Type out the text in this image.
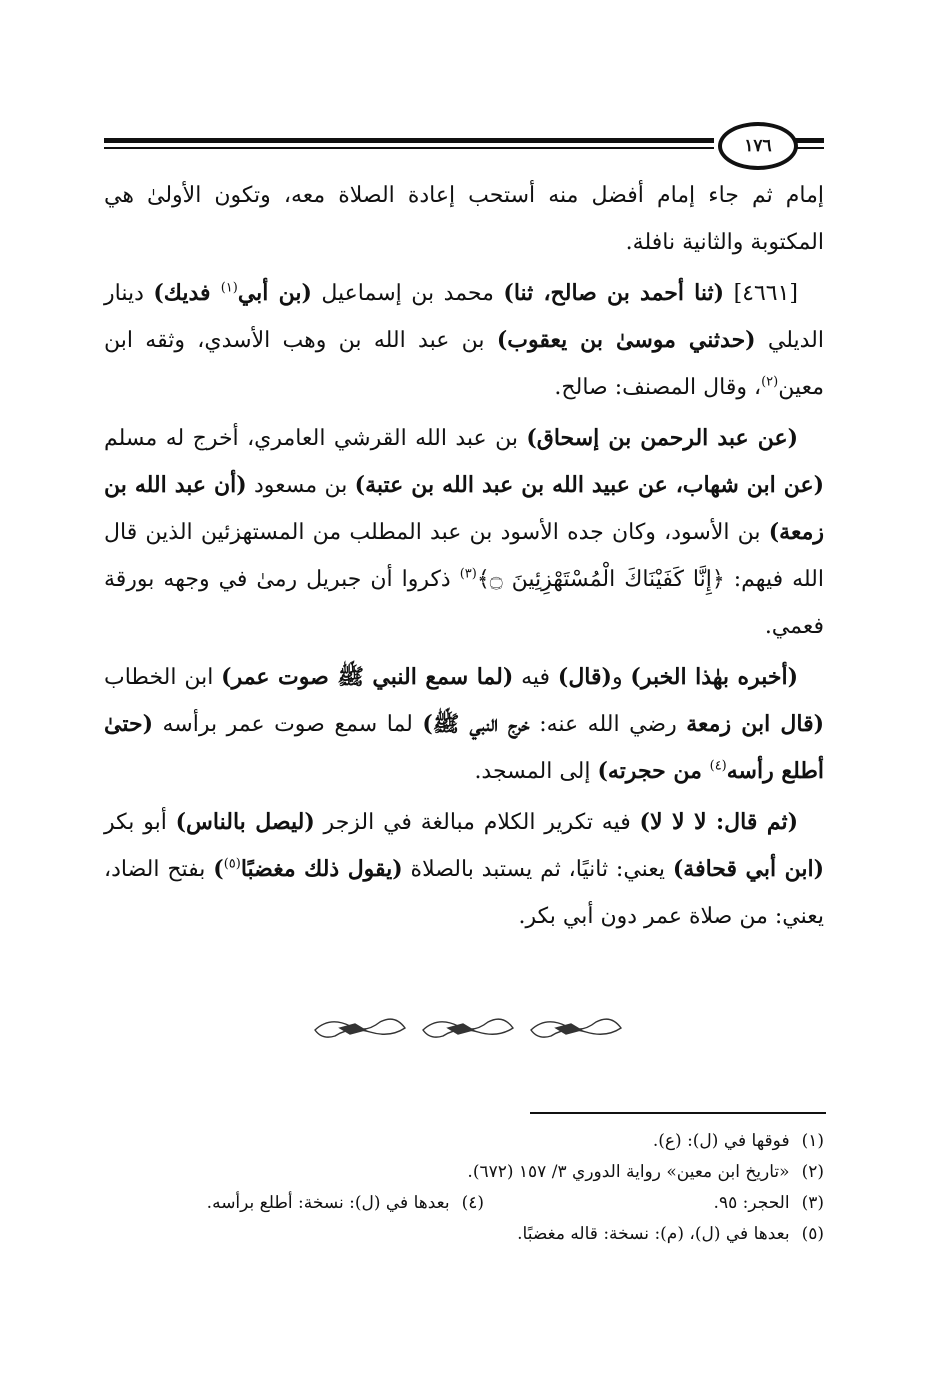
١٧٦

إمام ثم جاء إمام أفضل منه أستحب إعادة الصلاة معه، وتكون الأولىٰ هي المكتوبة والثانية نافلة.

[٤٦٦١] (ثنا أحمد بن صالح، ثنا) محمد بن إسماعيل (بن أبي$^{(١)}$ فديك) دينار الديلي (حدثني موسىٰ بن يعقوب) بن عبد الله بن وهب الأسدي، وثقه ابن معين$^{(٢)}$، وقال المصنف: صالح.

(عن عبد الرحمن بن إسحاق) بن عبد الله القرشي العامري، أخرج له مسلم (عن ابن شهاب، عن عبيد الله بن عبد الله بن عتبة) بن مسعود (أن عبد الله بن زمعة) بن الأسود، وكان جده الأسود بن عبد المطلب من المستهزئين الذين قال الله فيهم: ﴿إِنَّا كَفَيْنَاكَ الْمُسْتَهْزِئِينَ ۝﴾$^{(٣)}$ ذكروا أن جبريل رمىٰ في وجهه بورقة فعمي.

(أخبره بهٰذا الخبر) و(قال) فيه (لما سمع النبي ﷺ صوت عمر) ابن الخطاب (قال ابن زمعة رضي الله عنه: خرج النبي ﷺ) لما سمع صوت عمر برأسه (حتىٰ أطلع رأسه$^{(٤)}$ من حجرته) إلى المسجد.

(ثم قال: لا لا لا) فيه تكرير الكلام مبالغة في الزجر (ليصل بالناس) أبو بكر (ابن أبي قحافة) يعني: ثانيًا، ثم يستبد بالصلاة (يقول ذلك مغضبًا$^{(٥)}$) بفتح الضاد، يعني: من صلاة عمر دون أبي بكر.

(١)فوقها في (ل): (ع).
(٢)«تاريخ ابن معين» رواية الدوري ٣/ ١٥٧ (٦٧٢).
(٣)الحجر: ٩٥.
(٤)بعدها في (ل): نسخة: أطلع برأسه.
(٥)بعدها في (ل)، (م): نسخة: قاله مغضبًا.
